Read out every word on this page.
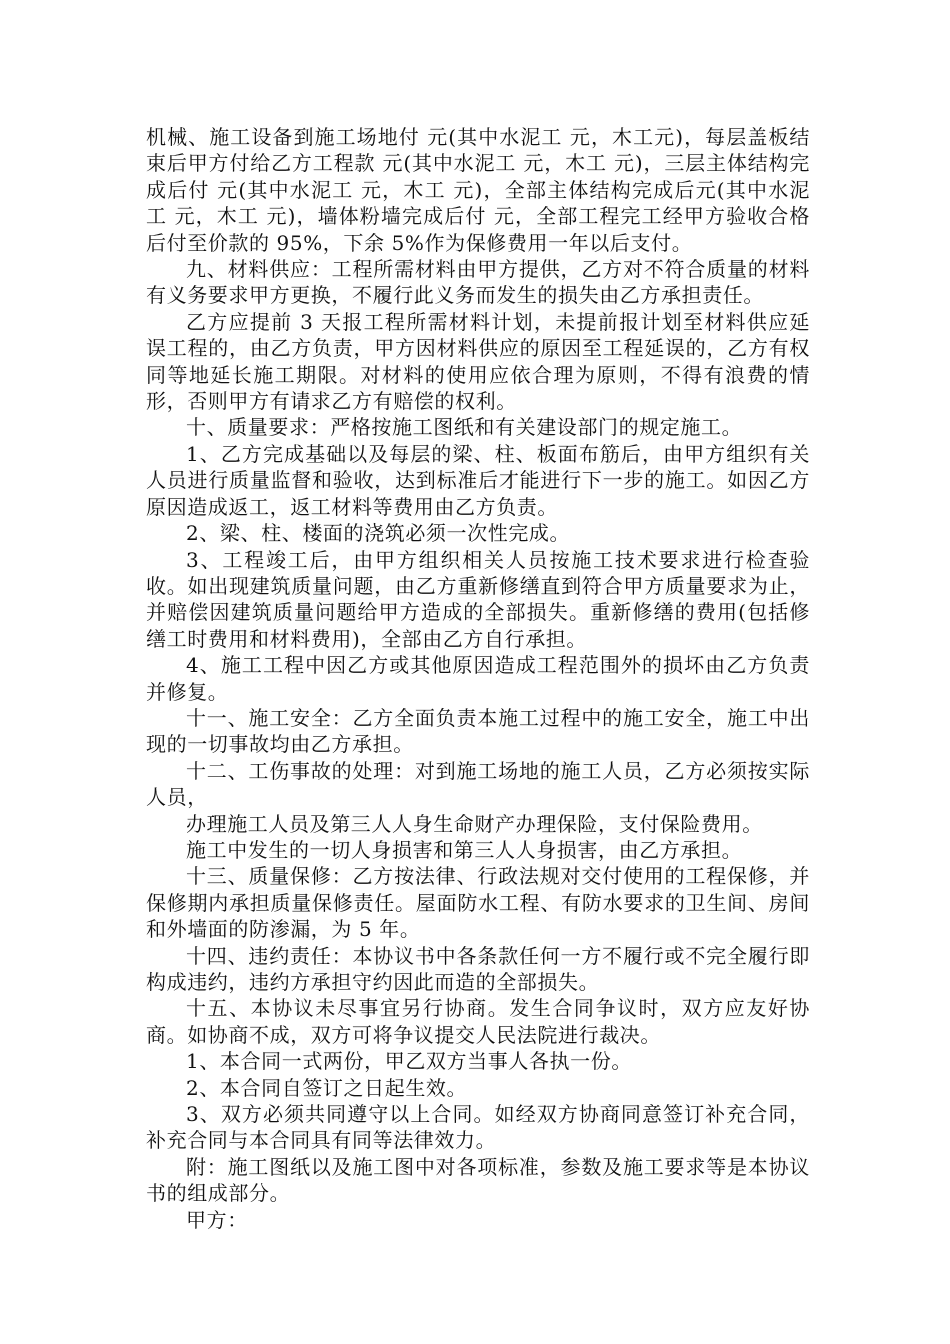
机械、施工设备到施工场地付 元(其中水泥工 元，木工元)，每层盖板结束后甲方付给乙方工程款 元(其中水泥工 元，木工 元)，三层主体结构完成后付 元(其中水泥工 元，木工 元)，全部主体结构完成后元(其中水泥工 元，木工 元)，墙体粉墙完成后付 元，全部工程完工经甲方验收合格后付至价款的 95%，下余 5%作为保修费用一年以后支付。

九、材料供应：工程所需材料由甲方提供，乙方对不符合质量的材料有义务要求甲方更换，不履行此义务而发生的损失由乙方承担责任。

乙方应提前 3 天报工程所需材料计划，未提前报计划至材料供应延误工程的，由乙方负责，甲方因材料供应的原因至工程延误的，乙方有权同等地延长施工期限。对材料的使用应依合理为原则，不得有浪费的情形，否则甲方有请求乙方有赔偿的权利。

十、质量要求：严格按施工图纸和有关建设部门的规定施工。

1、乙方完成基础以及每层的梁、柱、板面布筋后，由甲方组织有关人员进行质量监督和验收，达到标准后才能进行下一步的施工。如因乙方原因造成返工，返工材料等费用由乙方负责。

2、梁、柱、楼面的浇筑必须一次性完成。

3、工程竣工后，由甲方组织相关人员按施工技术要求进行检查验收。如出现建筑质量问题，由乙方重新修缮直到符合甲方质量要求为止，并赔偿因建筑质量问题给甲方造成的全部损失。重新修缮的费用(包括修缮工时费用和材料费用)，全部由乙方自行承担。

4、施工工程中因乙方或其他原因造成工程范围外的损坏由乙方负责并修复。

十一、施工安全：乙方全面负责本施工过程中的施工安全，施工中出现的一切事故均由乙方承担。

十二、工伤事故的处理：对到施工场地的施工人员，乙方必须按实际人员，

办理施工人员及第三人人身生命财产办理保险，支付保险费用。

施工中发生的一切人身损害和第三人人身损害，由乙方承担。

十三、质量保修：乙方按法律、行政法规对交付使用的工程保修，并保修期内承担质量保修责任。屋面防水工程、有防水要求的卫生间、房间和外墙面的防渗漏，为 5 年。

十四、违约责任：本协议书中各条款任何一方不履行或不完全履行即构成违约，违约方承担守约因此而造的全部损失。

十五、本协议未尽事宜另行协商。发生合同争议时，双方应友好协商。如协商不成，双方可将争议提交人民法院进行裁决。

1、本合同一式两份，甲乙双方当事人各执一份。

2、本合同自签订之日起生效。

3、双方必须共同遵守以上合同。如经双方协商同意签订补充合同，补充合同与本合同具有同等法律效力。

附：施工图纸以及施工图中对各项标准，参数及施工要求等是本协议书的组成部分。

甲方：
